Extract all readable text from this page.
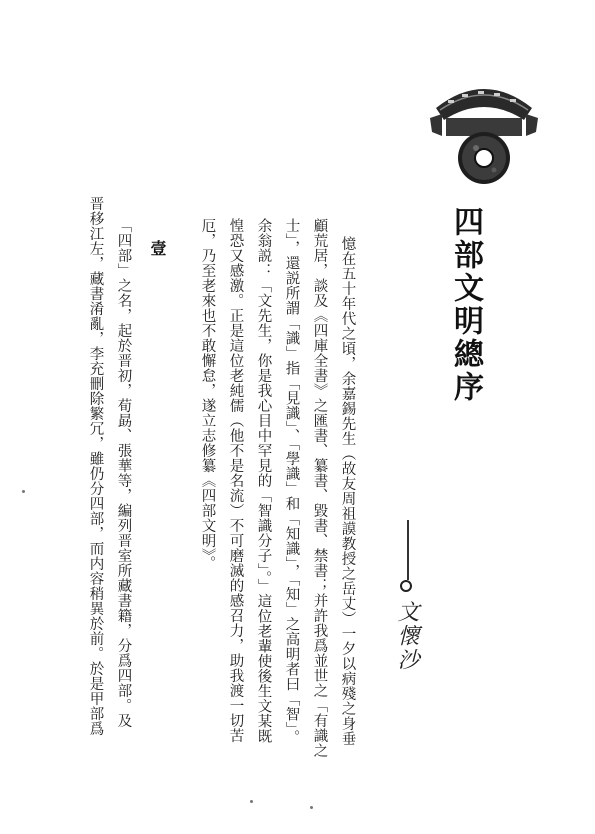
四部文明總序
文懷沙
憶在五十年代之頃，余嘉錫先生（故友周祖謨教授之岳丈）一夕以病殘之身垂
顧荒居，談及《四庫全書》之匯書、纂書、毀書、禁書；并許我爲並世之「有識之
士」，還説所謂「識」指「見識」、「學識」和「知識」，「知」之高明者曰「智」。
余翁説：「文先生，你是我心目中罕見的「智識分子」。」這位老輩使後生文某既
惶恐又感激。正是這位老純儒（他不是名流）不可磨滅的感召力，助我渡一切苦
厄，乃至老來也不敢懈怠，遂立志修纂《四部文明》。
壹
「四部」之名，起於晋初，荀勗、張華等，編列晋室所藏書籍，分爲四部。及
晋移江左，藏書淆亂，李充刪除繁冗，雖仍分四部，而内容稍異於前。於是甲部爲
